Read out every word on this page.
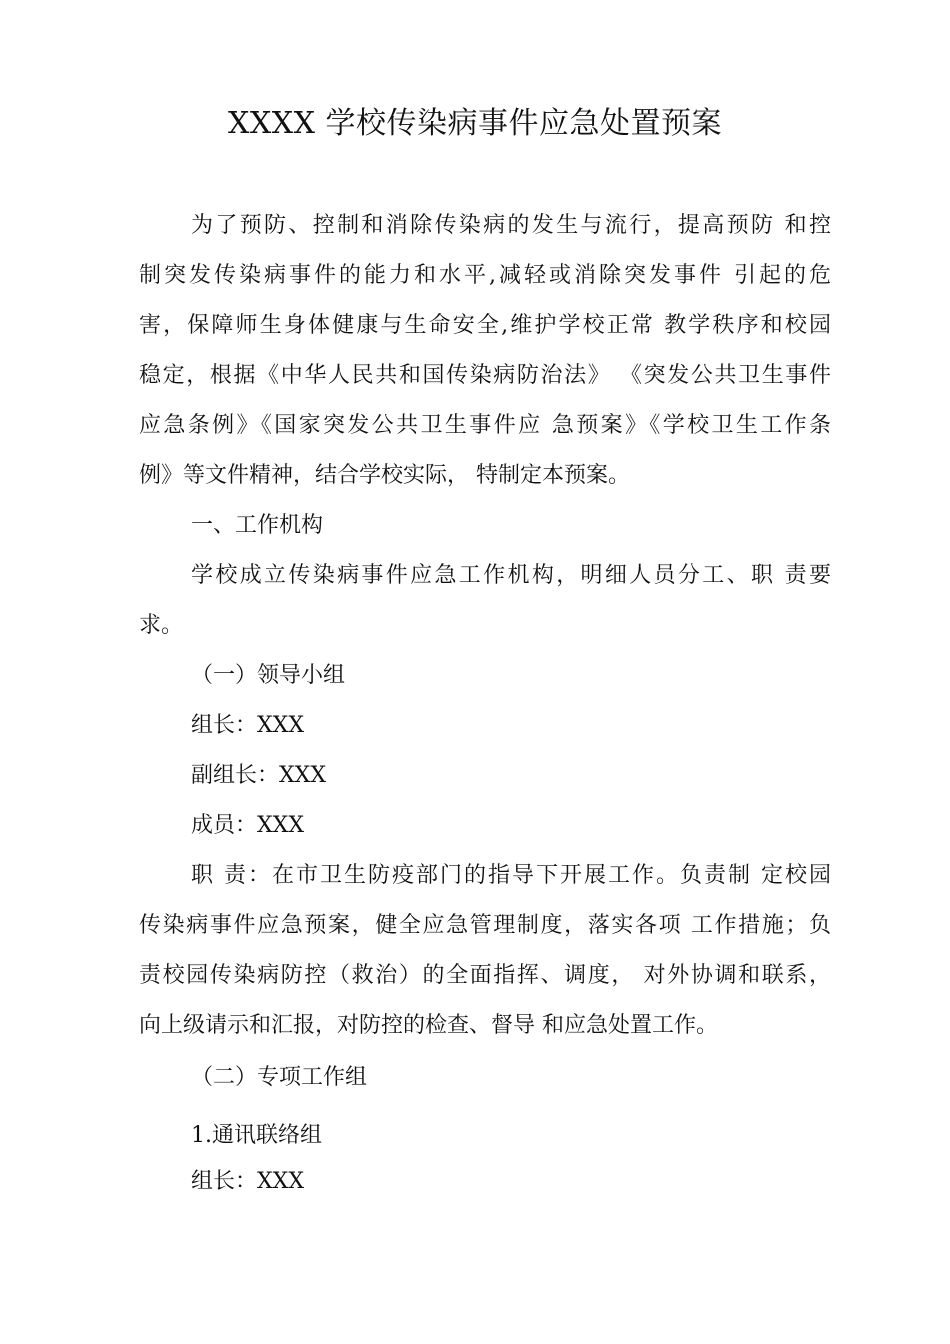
XXXX 学校传染病事件应急处置预案
为了预防、控制和消除传染病的发生与流行，提高预防 和控
制突发传染病事件的能力和水平,减轻或消除突发事件 引起的危
害，保障师生身体健康与生命安全,维护学校正常 教学秩序和校园
稳定，根据《中华人民共和国传染病防治法》 《突发公共卫生事件
应急条例》《国家突发公共卫生事件应 急预案》《学校卫生工作条
例》等文件精神，结合学校实际， 特制定本预案。
一、工作机构
学校成立传染病事件应急工作机构，明细人员分工、职 责要
求。
（一）领导小组
组长：XXX
副组长：XXX
成员：XXX
职 责：在市卫生防疫部门的指导下开展工作。负责制 定校园
传染病事件应急预案，健全应急管理制度，落实各项 工作措施；负
责校园传染病防控（救治）的全面指挥、调度， 对外协调和联系，
向上级请示和汇报，对防控的检查、督导 和应急处置工作。
（二）专项工作组
1.通讯联络组
组长：XXX
